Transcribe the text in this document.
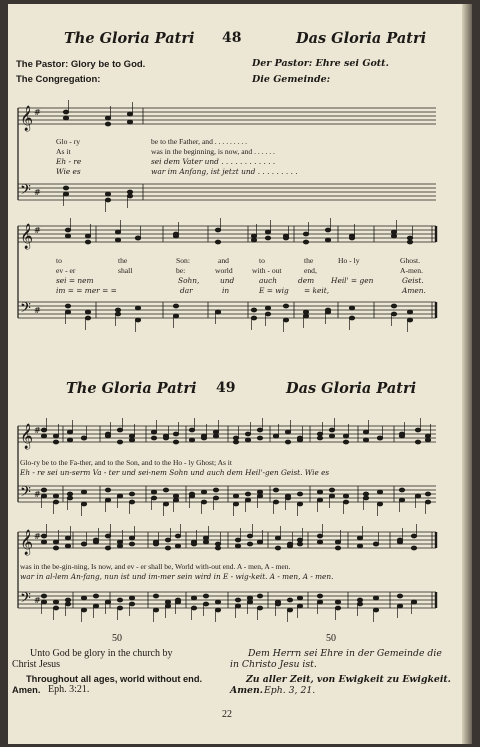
The Gloria Patri 48	Das Gloria Patri
The Pastor: Glory be to God.	Der Pastor: Ehre sei Gott.
The Congregation:	Die Gemeinde:
𝄞
𝄢
#
#
𝄞
𝄢
#
#
𝄞
𝄢
#
#
𝄞
𝄢
#
#
Glo - ry
As it
Eh - re
Wie es
be to the Father, and . . . . . . . . .
was in the beginning, is now, and . . . . . .
sei dem Vater und . . . . . . . . . . . .
war im Anfang, ist jetzt und . . . . . . . . .
to	the	Son:	and	to	the	Ho - ly	Ghost.
ev - er	shall	be:	world	with - out	end,	A-men.
sei = nem	Sohn,	und	auch	dem Heil' = gen	Geist.
im = = mer = =	dar	in	E = wig = keit,	Amen.
The Gloria Patri 49	Das Gloria Patri
Glo-ry be to the Fa-ther, and to the Son, and to the Ho - ly Ghost; As it
Eh - re sei un-serm Va - ter und sei-nem Sohn und auch dem Heil'-gen Geist. Wie es
was in the be-gin-ning, Is now, and ev - er shall be, World with-out end. A - men, A - men.
war in al-lem An-fang, nun ist und im-mer sein wird in E - wig-keit. A - men, A - men.
50	50
Unto God be glory in the church by
Christ Jesus
Throughout all ages, world without end.
Amen. Eph. 3:21.
Dem Herrn sei Ehre in der Gemeinde die
in Christo Jesu ist.
Zu aller Zeit, von Ewigkeit zu Ewigkeit.
Amen. Eph. 3, 21.
22
